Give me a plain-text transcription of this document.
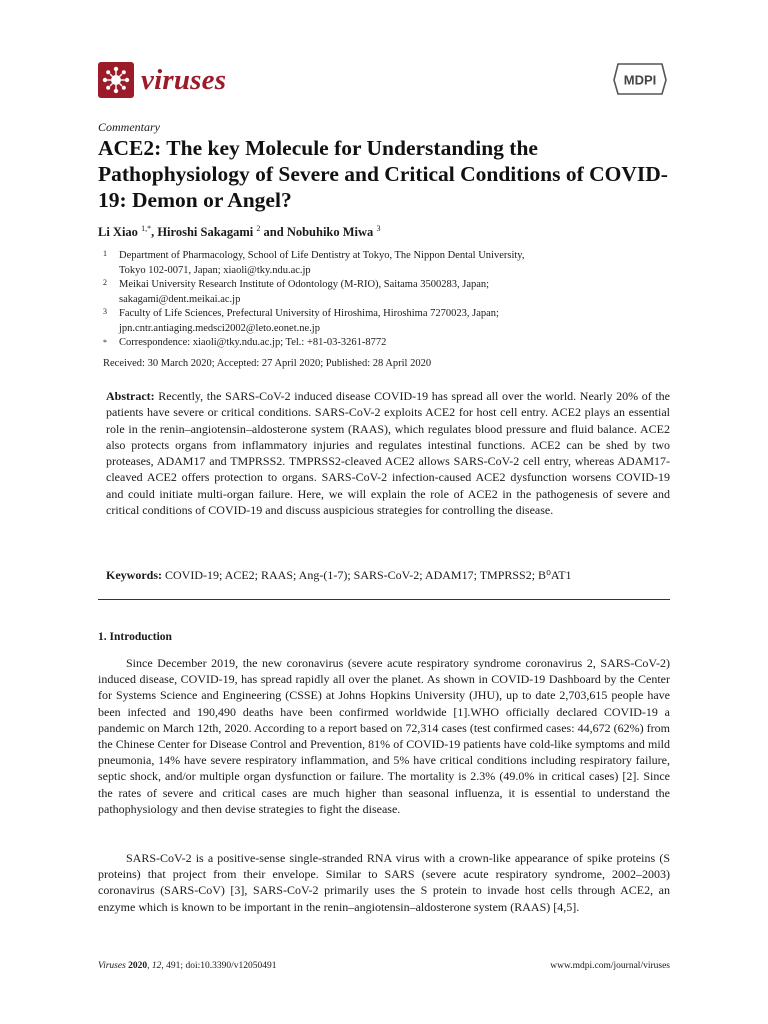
viruses	MDPI
Commentary
ACE2: The key Molecule for Understanding the Pathophysiology of Severe and Critical Conditions of COVID-19: Demon or Angel?
Li Xiao $^{1,*}$, Hiroshi Sakagami $^2$ and Nobuhiko Miwa $^3$
1 Department of Pharmacology, School of Life Dentistry at Tokyo, The Nippon Dental University,
Tokyo 102-0071, Japan; xiaoli@tky.ndu.ac.jp
2 Meikai University Research Institute of Odontology (M-RIO), Saitama 3500283, Japan;
sakagami@dent.meikai.ac.jp
3 Faculty of Life Sciences, Prefectural University of Hiroshima, Hiroshima 7270023, Japan;
jpn.cntr.antiaging.medsci2002@leto.eonet.ne.jp
* Correspondence: xiaoli@tky.ndu.ac.jp; Tel.: +81-03-3261-8772
Received: 30 March 2020; Accepted: 27 April 2020; Published: 28 April 2020
Abstract: Recently, the SARS-CoV-2 induced disease COVID-19 has spread all over the world. Nearly 20% of the patients have severe or critical conditions. SARS-CoV-2 exploits ACE2 for host cell entry. ACE2 plays an essential role in the renin–angiotensin–aldosterone system (RAAS), which regulates blood pressure and fluid balance. ACE2 also protects organs from inflammatory injuries and regulates intestinal functions. ACE2 can be shed by two proteases, ADAM17 and TMPRSS2. TMPRSS2-cleaved ACE2 allows SARS-CoV-2 cell entry, whereas ADAM17-cleaved ACE2 offers protection to organs. SARS-CoV-2 infection-caused ACE2 dysfunction worsens COVID-19 and could initiate multi-organ failure. Here, we will explain the role of ACE2 in the pathogenesis of severe and critical conditions of COVID-19 and discuss auspicious strategies for controlling the disease.
Keywords: COVID-19; ACE2; RAAS; Ang-(1-7); SARS-CoV-2; ADAM17; TMPRSS2; B⁰AT1
1. Introduction
Since December 2019, the new coronavirus (severe acute respiratory syndrome coronavirus 2, SARS-CoV-2) induced disease, COVID-19, has spread rapidly all over the planet. As shown in COVID-19 Dashboard by the Center for Systems Science and Engineering (CSSE) at Johns Hopkins University (JHU), up to date 2,703,615 people have been infected and 190,490 deaths have been confirmed worldwide [1].WHO officially declared COVID-19 a pandemic on March 12th, 2020. According to a report based on 72,314 cases (test confirmed cases: 44,672 (62%) from the Chinese Center for Disease Control and Prevention, 81% of COVID-19 patients have cold-like symptoms and mild pneumonia, 14% have severe respiratory inflammation, and 5% have critical conditions including respiratory failure, septic shock, and/or multiple organ dysfunction or failure. The mortality is 2.3% (49.0% in critical cases) [2]. Since the rates of severe and critical cases are much higher than seasonal influenza, it is essential to understand the pathophysiology and then devise strategies to fight the disease.
SARS-CoV-2 is a positive-sense single-stranded RNA virus with a crown-like appearance of spike proteins (S proteins) that project from their envelope. Similar to SARS (severe acute respiratory syndrome, 2002–2003) coronavirus (SARS-CoV) [3], SARS-CoV-2 primarily uses the S protein to invade host cells through ACE2, an enzyme which is known to be important in the renin–angiotensin–aldosterone system (RAAS) [4,5].
Viruses 2020, 12, 491; doi:10.3390/v12050491	www.mdpi.com/journal/viruses
